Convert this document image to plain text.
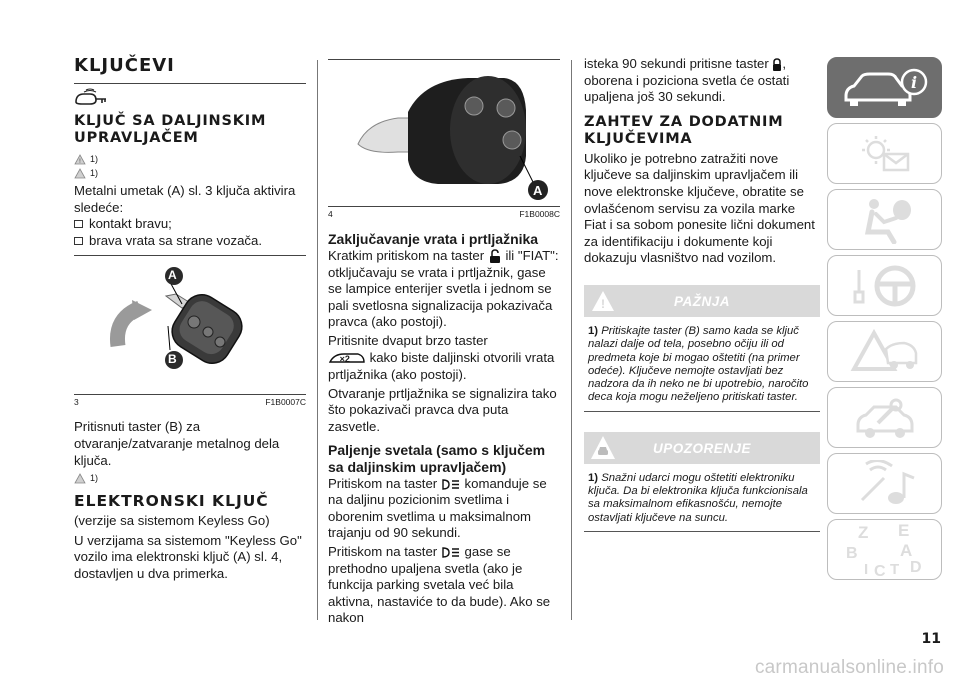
KLJUČEVI
KLJUČ SA DALJINSKIM UPRAVLJAČEM
! 1)
1)
Metalni umetak (A) sl. 3 ključa aktivira sledeće:
kontakt bravu;
brava vrata sa strane vozača.
A
B
3	F1B0007C
Pritisnuti taster (B) za otvaranje/zatvaranje metalnog dela ključa.
1)
ELEKTRONSKI KLJUČ
(verzije sa sistemom Keyless Go)
U verzijama sa sistemom "Keyless Go" vozilo ima elektronski ključ (A) sl. 4, dostavljen u dva primerka.
A
4	F1B0008C
Zaključavanje vrata i prtljažnika
Kratkim pritiskom na taster ili "FIAT": otključavaju se vrata i prtljažnik, gase se lampice enterijer svetla i jednom se pali svetlosna signalizacija pokazivača pravca (ako postoji).
Pritisnite dvaput brzo taster
×2 kako biste daljinski otvorili vrata prtljažnika (ako postoji).
Otvaranje prtljažnika se signalizira tako što pokazivači pravca dva puta zasvetle.
Paljenje svetala (samo s ključem sa daljinskim upravljačem)
Pritiskom na taster komanduje se na daljinu pozicionim svetlima i oborenim svetlima u maksimalnom trajanju od 90 sekundi.
Pritiskom na taster gase se prethodno upaljena svetla (ako je funkcija parking svetala već bila aktivna, nastaviće to da bude). Ako se nakon
isteka 90 sekundi pritisne taster , oborena i poziciona svetla će ostati upaljena još 30 sekundi.
ZAHTEV ZA DODATNIM KLJUČEVIMA
Ukoliko je potrebno zatražiti nove ključeve sa daljinskim upravljačem ili nove elektronske ključeve, obratite se ovlašćenom servisu za vozila marke Fiat i sa sobom ponesite lični dokument za identifikaciju i dokumente koji dokazuju vlasništvo nad vozilom.
!	PAŽNJA
1) Pritiskajte taster (B) samo kada se ključ nalazi dalje od tela, posebno očiju ili od predmeta koje bi mogao oštetiti (na primer odeće). Ključeve nemojte ostavljati bez nadzora da ih neko ne bi upotrebio, naročito deca koja mogu neželjeno pritiskati taster.
UPOZORENJE
1) Snažni udarci mogu oštetiti elektroniku ključa. Da bi elektronika ključa funkcionisala sa maksimalnom efikasnošću, nemojte ostavljati ključeve na suncu.
i
Z E
B A
I C T D
11
carmanualsonline.info
